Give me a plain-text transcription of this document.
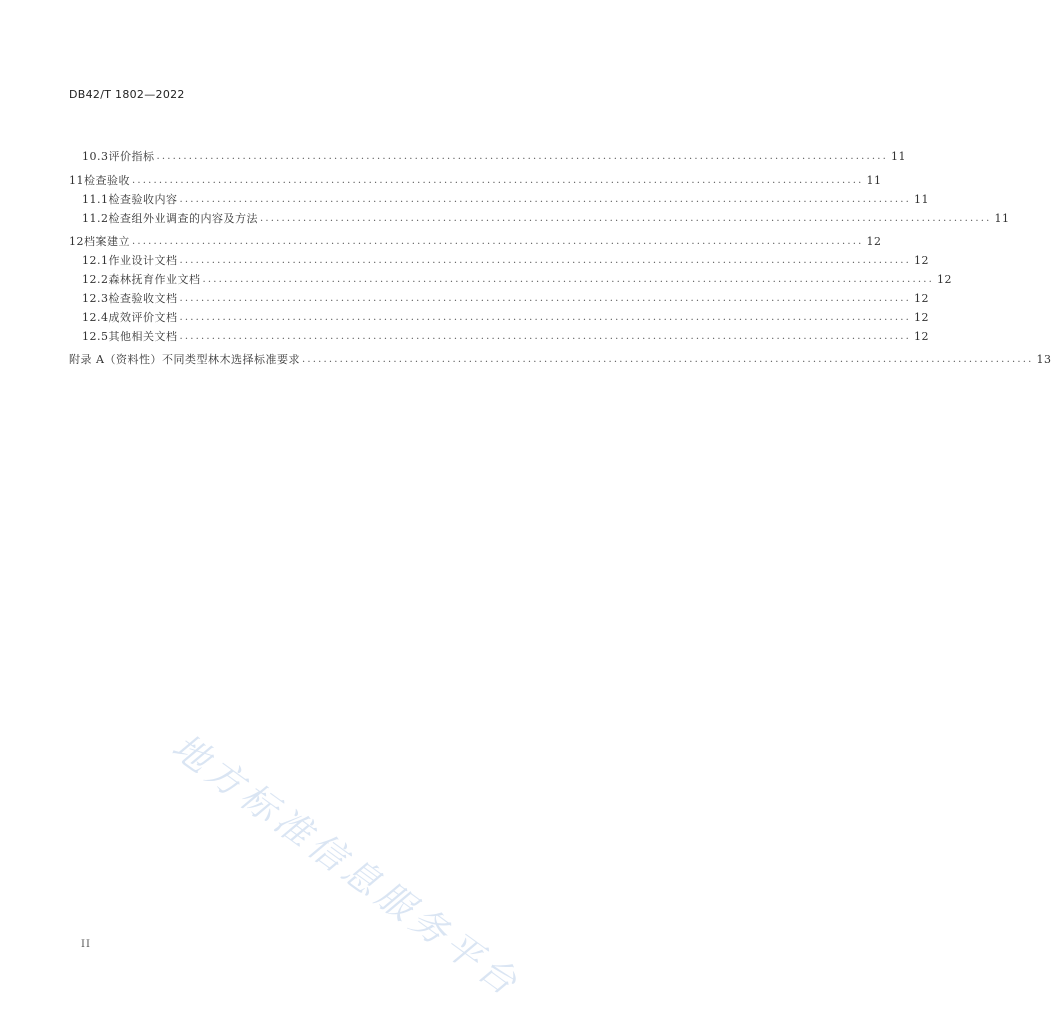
DB42/T 1802—2022
10.3 评价指标 ........................................................................................................................................ 11
11 检查验收 ........................................................................................................................................ 11
11.1 检查验收内容 ........................................................................................................................................ 11
11.2 检查组外业调查的内容及方法 ........................................................................................................................................ 11
12 档案建立 ........................................................................................................................................ 12
12.1 作业设计文档 ........................................................................................................................................ 12
12.2 森林抚育作业文档 ........................................................................................................................................ 12
12.3 检查验收文档 ........................................................................................................................................ 12
12.4 成效评价文档 ........................................................................................................................................ 12
12.5 其他相关文档 ........................................................................................................................................ 12
附录 A（资料性） 不同类型林木选择标准要求 ........................................................................................................................................ 13
地方标准信息服务平台
II
